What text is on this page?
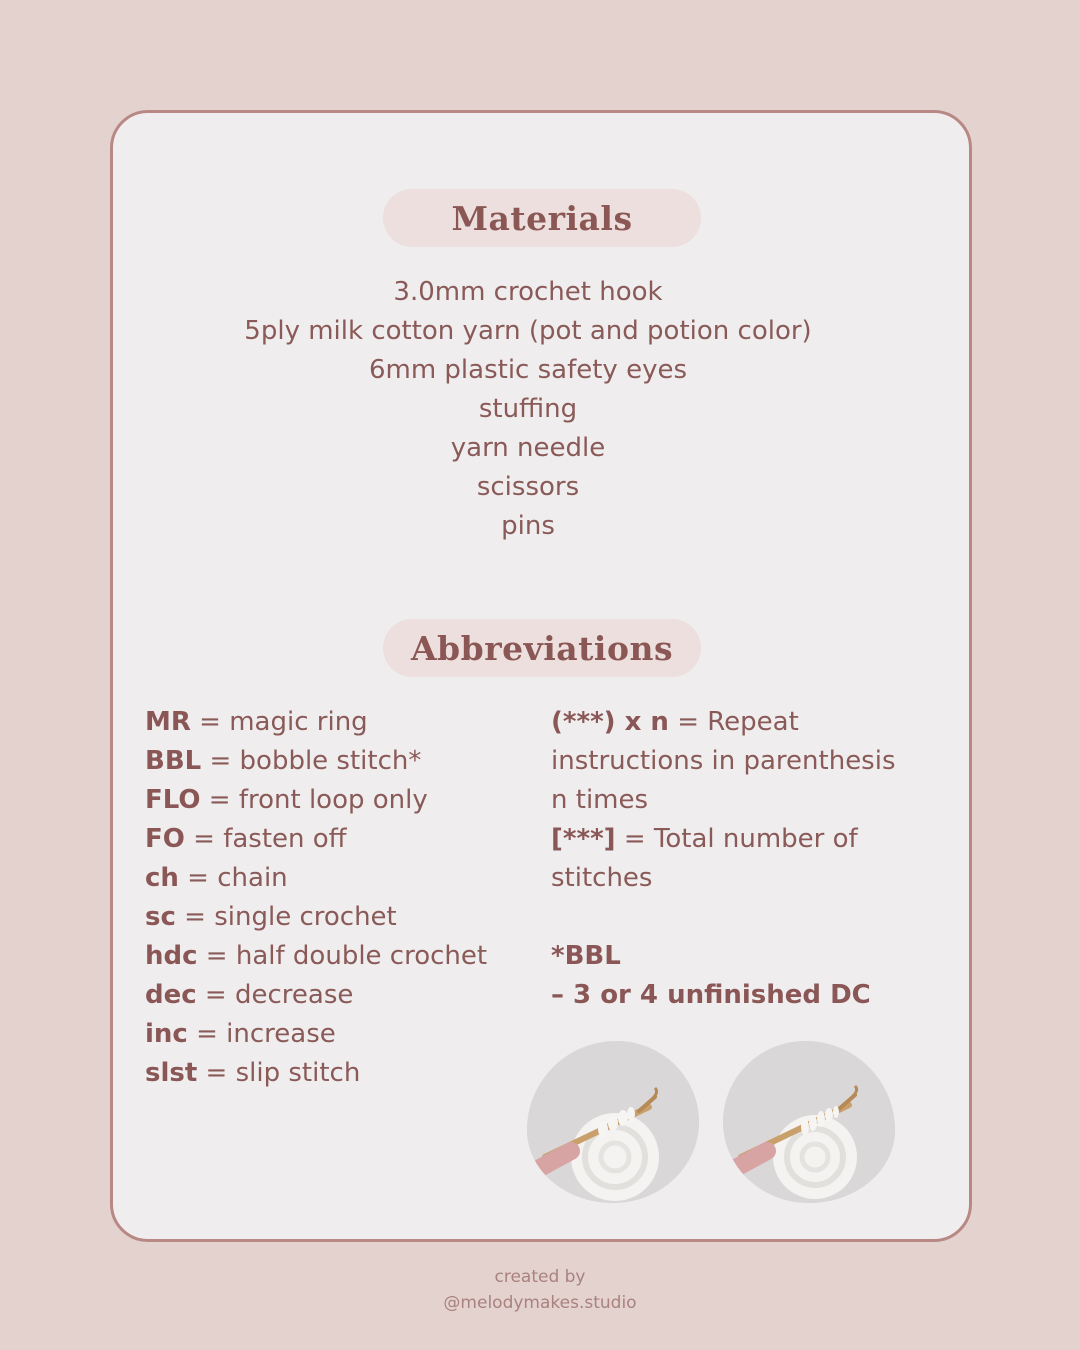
Materials
3.0mm crochet hook
5ply milk cotton yarn (pot and potion color)
6mm plastic safety eyes
stuffing
yarn needle
scissors
pins
Abbreviations
MR = magic ring
BBL = bobble stitch*
FLO = front loop only
FO = fasten off
ch = chain
sc = single crochet
hdc = half double crochet
dec = decrease
inc = increase
slst = slip stitch
(***) x n = Repeat
instructions in parenthesis
n times
[***] = Total number of
stitches
*BBL
– 3 or 4 unfinished DC
created by
@melodymakes.studio
